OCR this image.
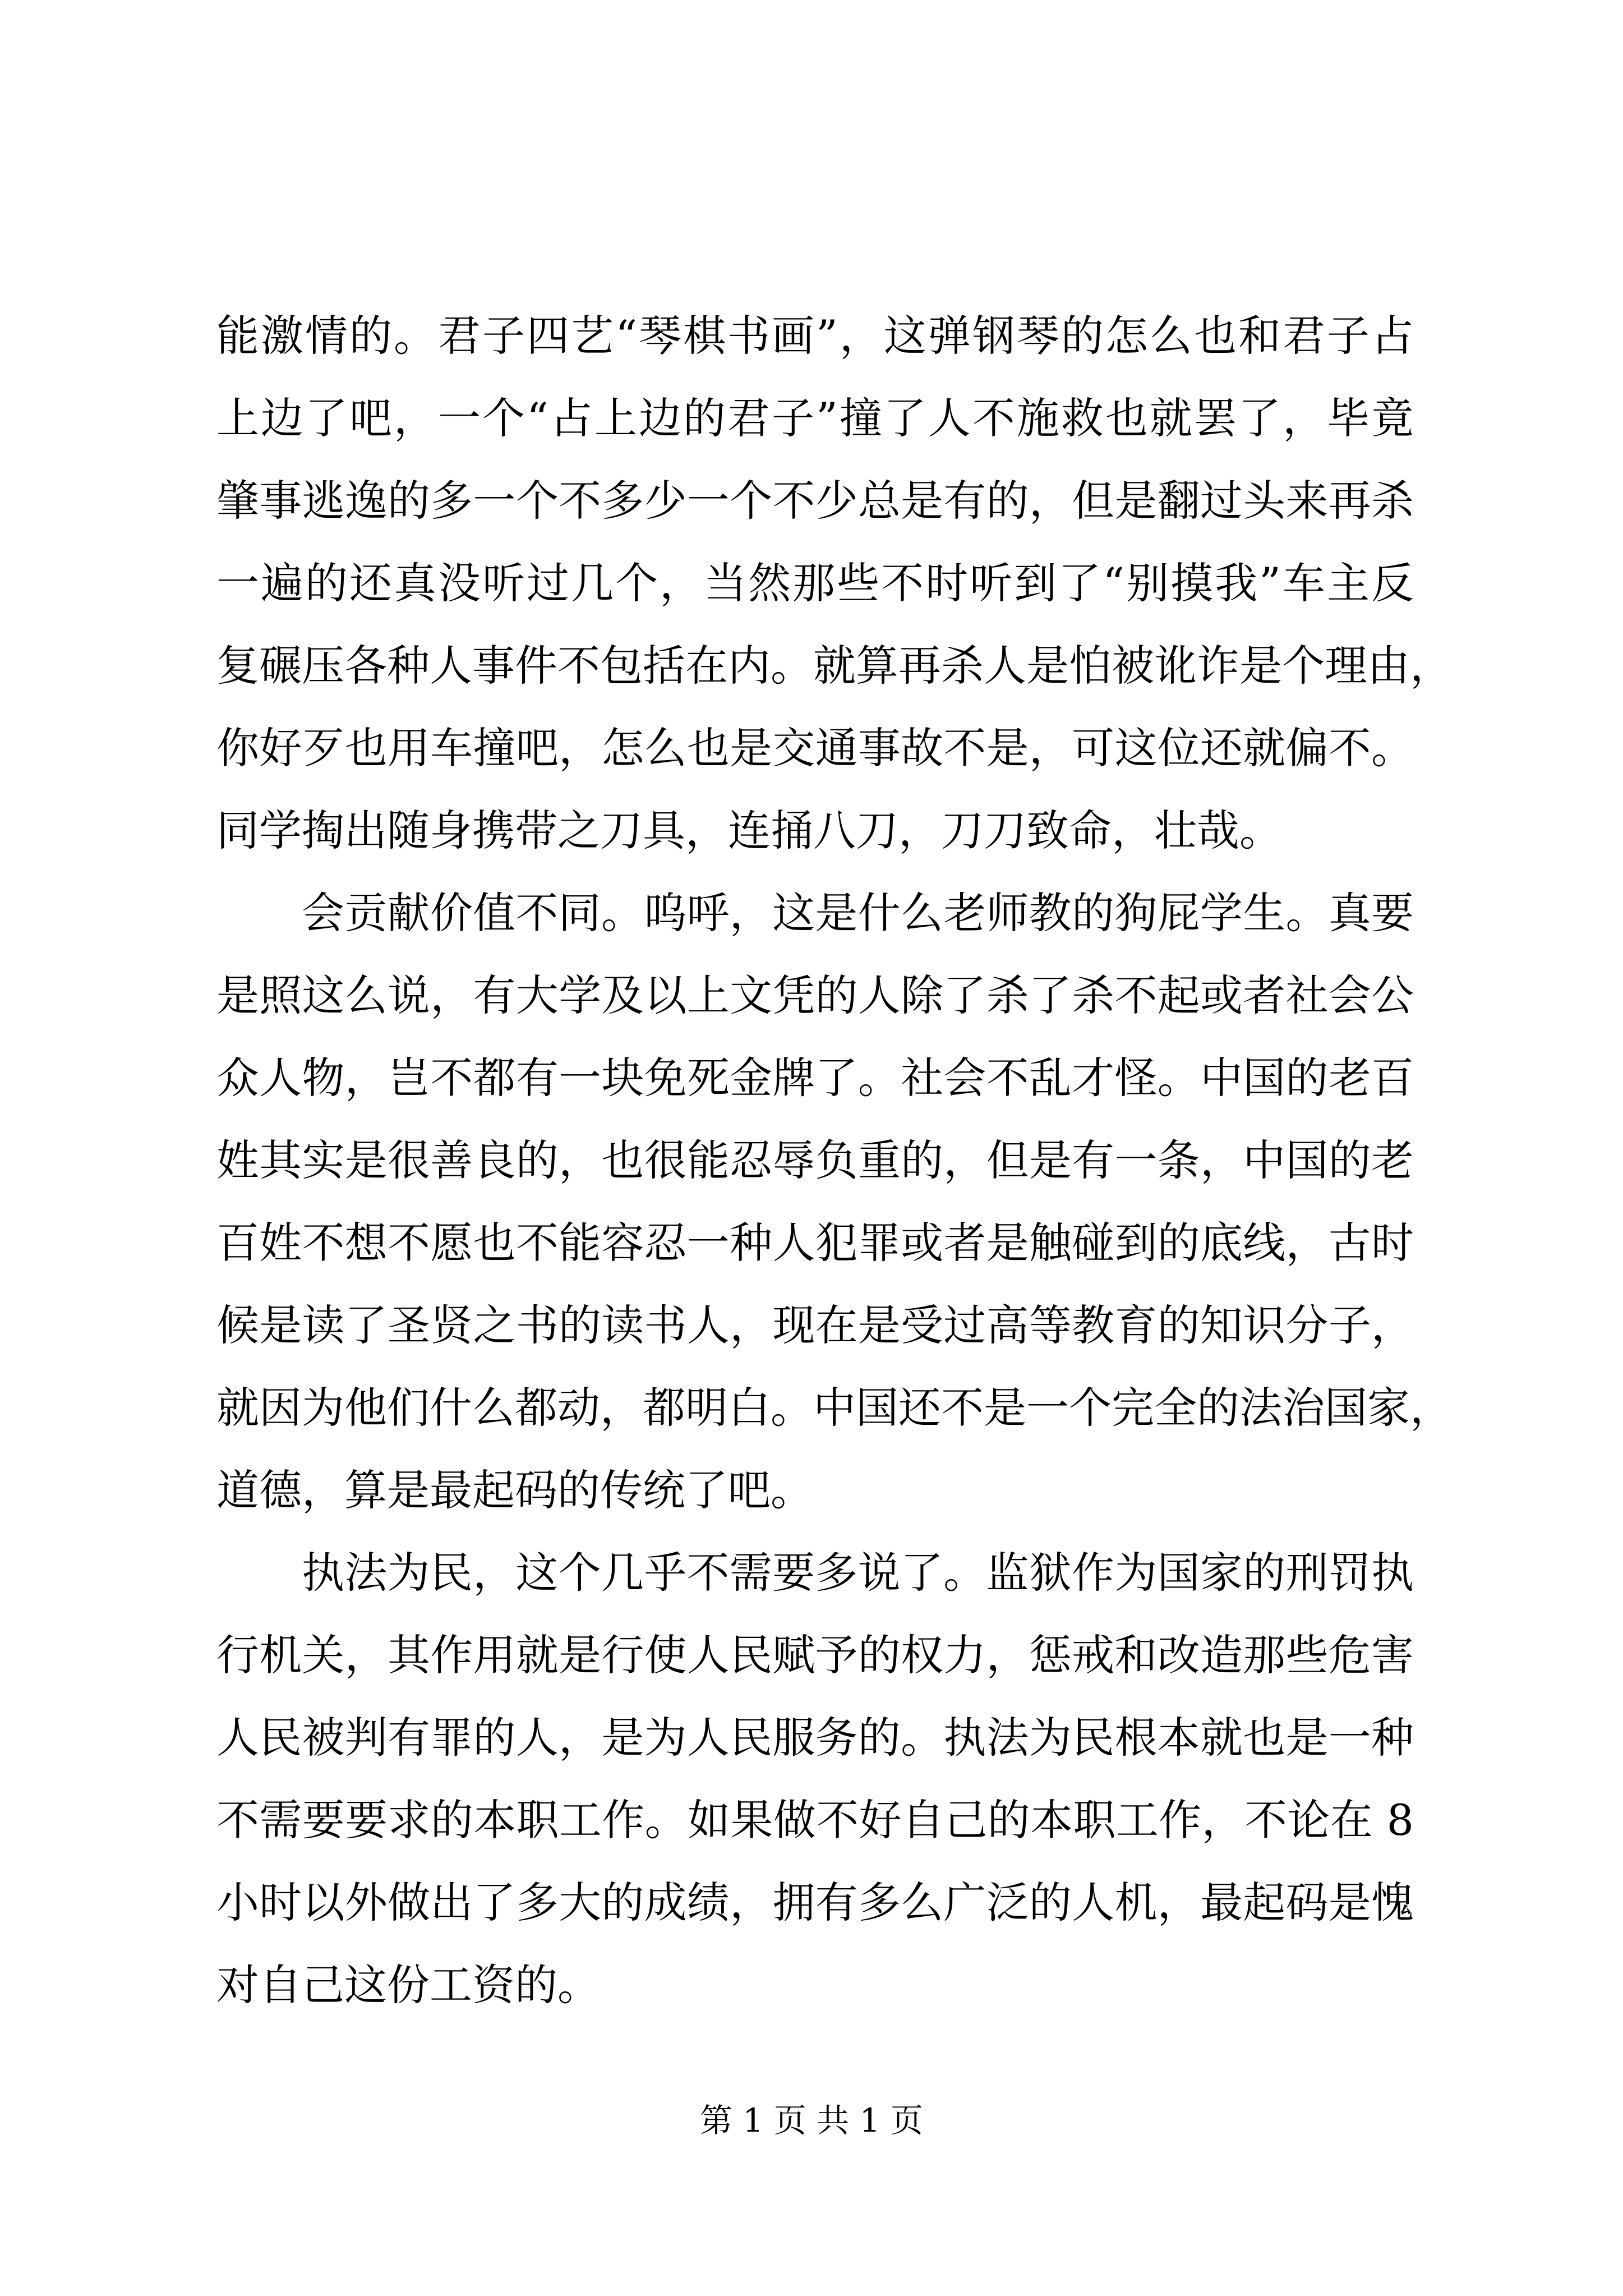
能激情的。君子四艺“琴棋书画”，这弹钢琴的怎么也和君子占
上边了吧，一个“占上边的君子”撞了人不施救也就罢了，毕竟
肇事逃逸的多一个不多少一个不少总是有的，但是翻过头来再杀
一遍的还真没听过几个，当然那些不时听到了“别摸我”车主反
复碾压各种人事件不包括在内。就算再杀人是怕被讹诈是个理由，
你好歹也用车撞吧，怎么也是交通事故不是，可这位还就偏不。
同学掏出随身携带之刀具，连捅八刀，刀刀致命，壮哉。
会贡献价值不同。呜呼，这是什么老师教的狗屁学生。真要
是照这么说，有大学及以上文凭的人除了杀了杀不起或者社会公
众人物，岂不都有一块免死金牌了。社会不乱才怪。中国的老百
姓其实是很善良的，也很能忍辱负重的，但是有一条，中国的老
百姓不想不愿也不能容忍一种人犯罪或者是触碰到的底线，古时
候是读了圣贤之书的读书人，现在是受过高等教育的知识分子，
就因为他们什么都动，都明白。中国还不是一个完全的法治国家，
道德，算是最起码的传统了吧。
执法为民，这个几乎不需要多说了。监狱作为国家的刑罚执
行机关，其作用就是行使人民赋予的权力，惩戒和改造那些危害
人民被判有罪的人，是为人民服务的。执法为民根本就也是一种
不需要要求的本职工作。如果做不好自己的本职工作，不论在 8
小时以外做出了多大的成绩，拥有多么广泛的人机，最起码是愧
对自己这份工资的。
第 1 页 共 1 页
